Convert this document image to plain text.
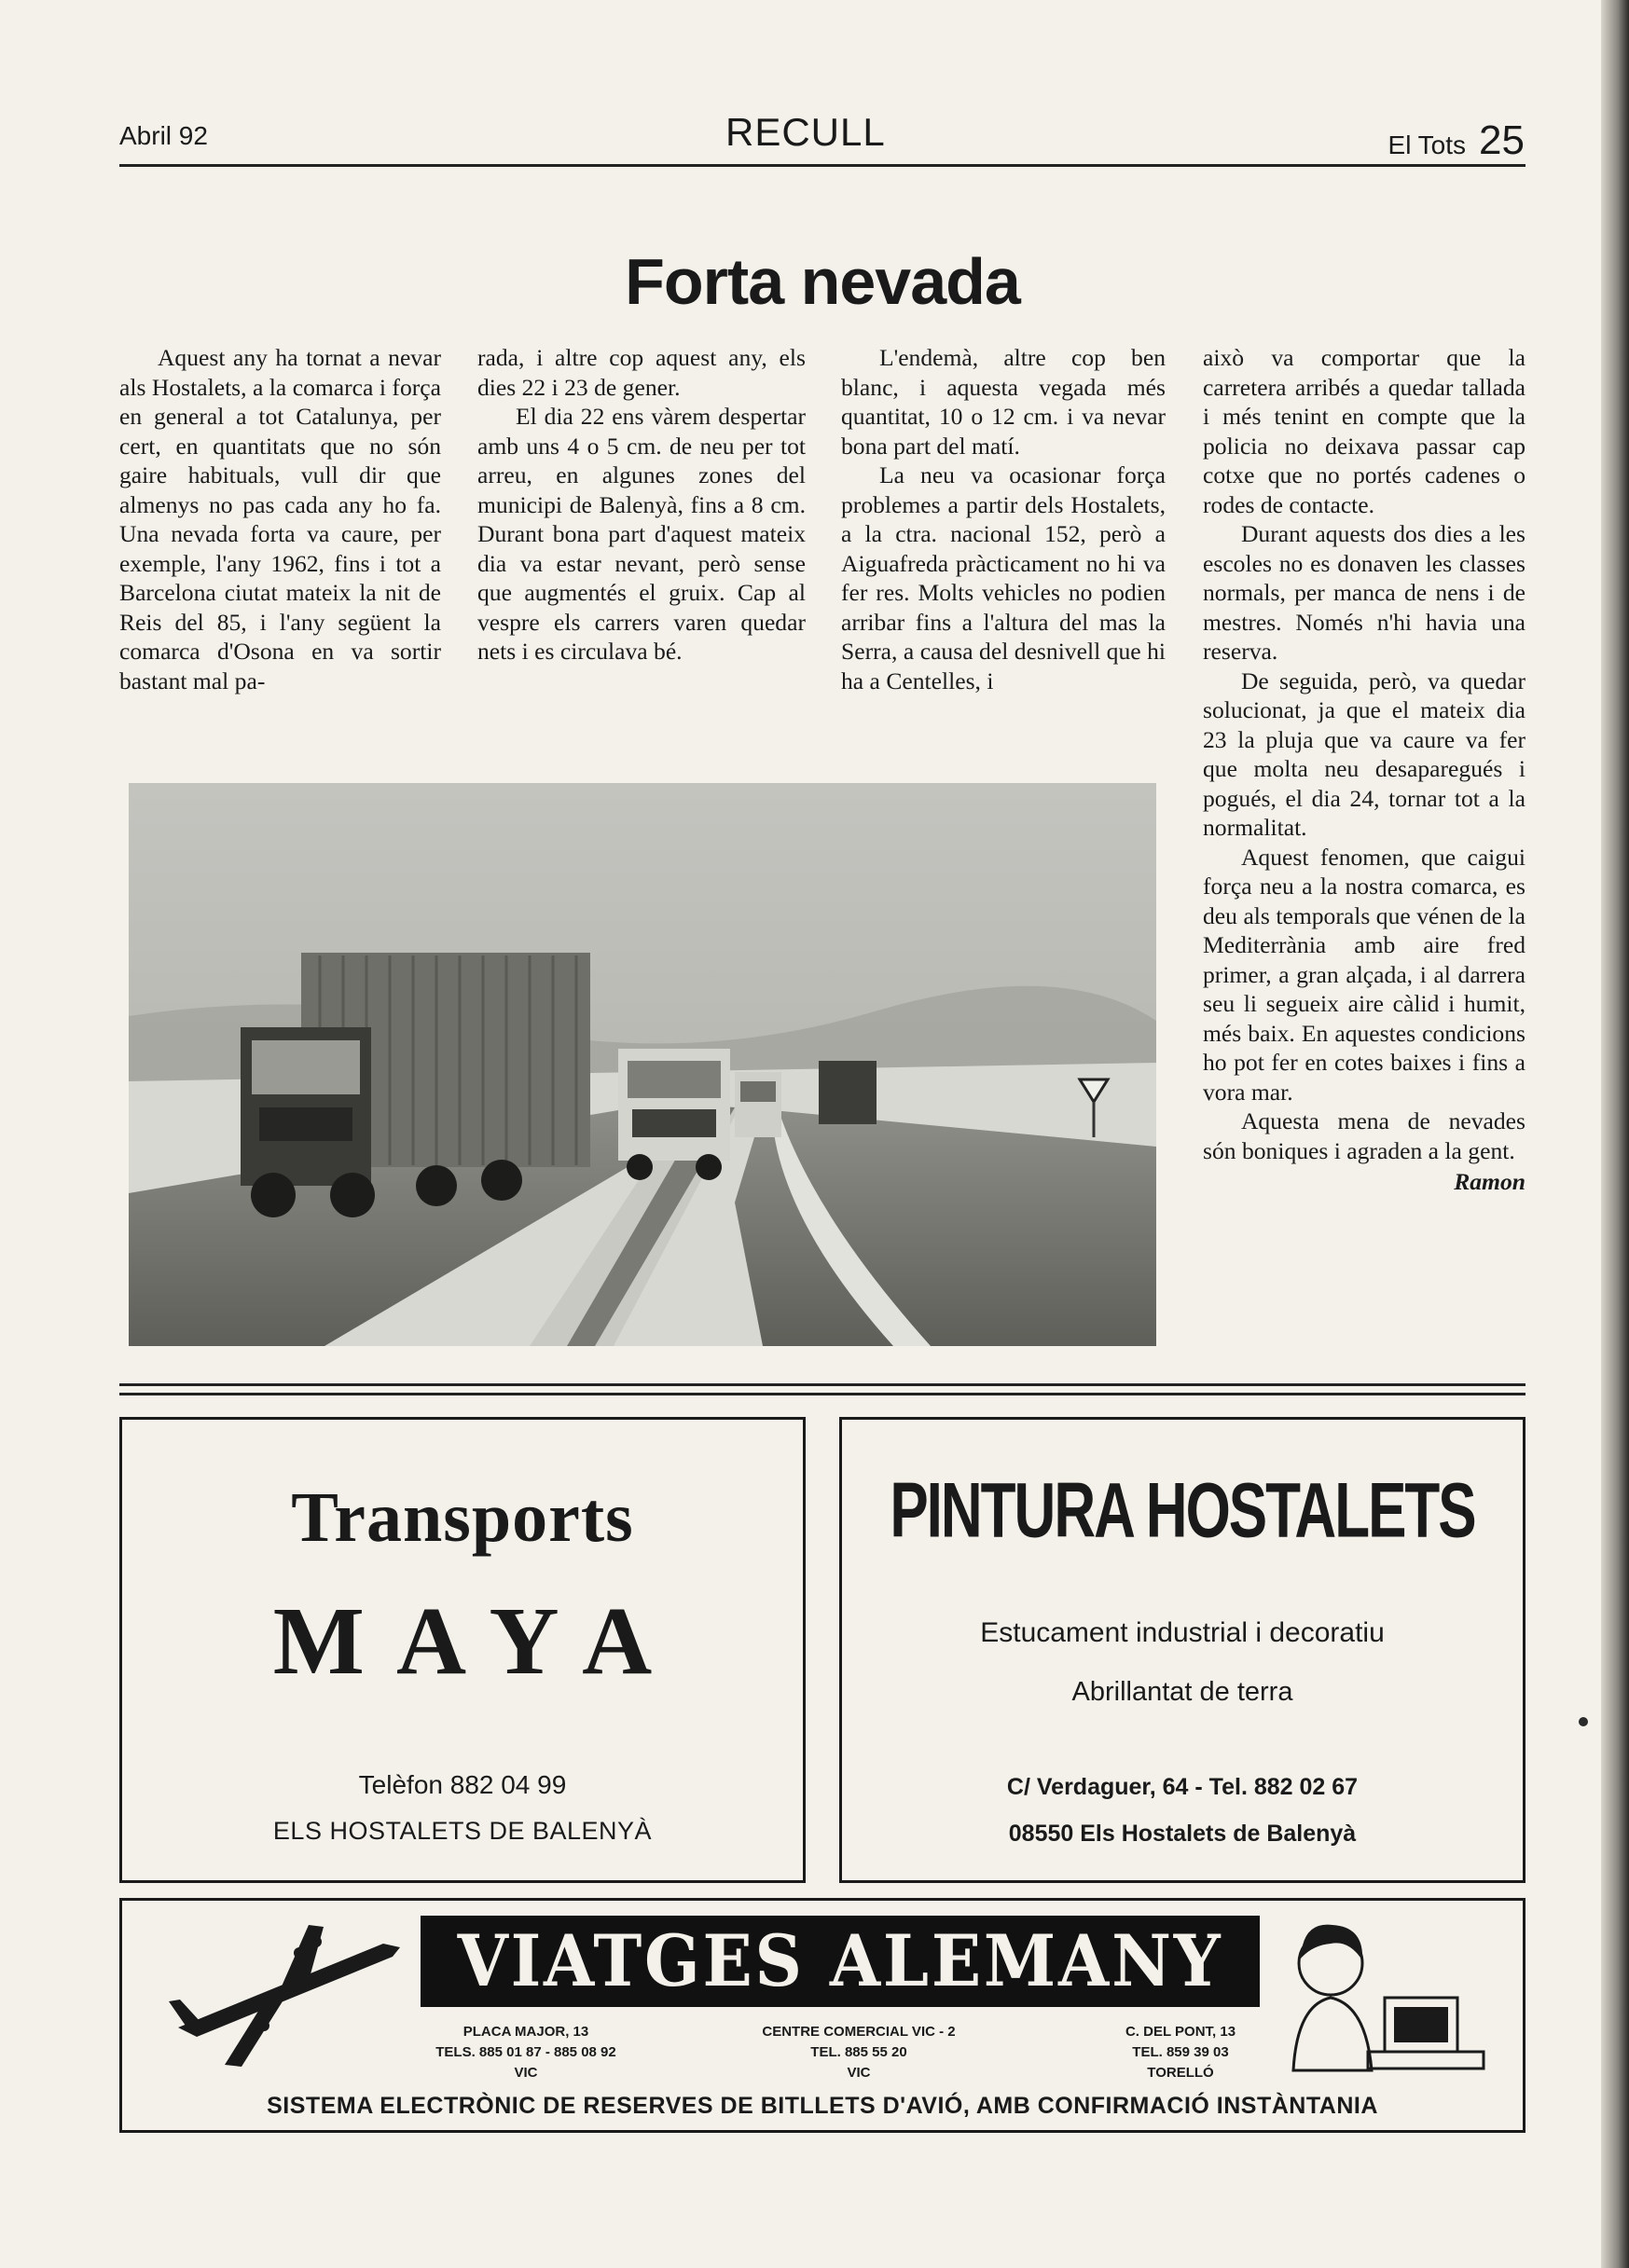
Abril 92	RECULL	El Tots 25
Forta nevada

Aquest any ha tornat a nevar als Hostalets, a la comarca i força en general a tot Catalunya, per cert, en quantitats que no són gaire habituals, vull dir que almenys no pas cada any ho fa. Una nevada forta va caure, per exemple, l'any 1962, fins i tot a Barcelona ciutat mateix la nit de Reis del 85, i l'any següent la comarca d'Osona en va sortir bastant mal pa-

rada, i altre cop aquest any, els dies 22 i 23 de gener.

El dia 22 ens vàrem despertar amb uns 4 o 5 cm. de neu per tot arreu, en algunes zones del municipi de Balenyà, fins a 8 cm. Durant bona part d'aquest mateix dia va estar nevant, però sense que augmentés el gruix. Cap al vespre els carrers varen quedar nets i es circulava bé.

L'endemà, altre cop ben blanc, i aquesta vegada més quantitat, 10 o 12 cm. i va nevar bona part del matí.

La neu va ocasionar força problemes a partir dels Hostalets, a la ctra. nacional 152, però a Aiguafreda pràcticament no hi va fer res. Molts vehicles no podien arribar fins a l'altura del mas la Serra, a causa del desnivell que hi ha a Centelles, i

això va comportar que la carretera arribés a quedar tallada i més tenint en compte que la policia no deixava passar cap cotxe que no portés cadenes o rodes de contacte.

Durant aquests dos dies a les escoles no es donaven les classes normals, per manca de nens i de mestres. Només n'hi havia una reserva.

De seguida, però, va quedar solucionat, ja que el mateix dia 23 la pluja que va caure va fer que molta neu desaparegués i pogués, el dia 24, tornar tot a la normalitat.

Aquest fenomen, que caigui força neu a la nostra comarca, es deu als temporals que vénen de la Mediterrània amb aire fred primer, a gran alçada, i al darrera seu li segueix aire càlid i humit, més baix. En aquestes condicions ho pot fer en cotes baixes i fins a vora mar.

Aquesta mena de nevades són boniques i agraden a la gent.

Ramon
Transports
MAYA
Telèfon 882 04 99
ELS HOSTALETS DE BALENYÀ
PINTURA HOSTALETS
Estucament industrial i decoratiu
Abrillantat de terra
C/ Verdaguer, 64 - Tel. 882 02 67
08550 Els Hostalets de Balenyà
VIATGES ALEMANY
PLACA MAJOR, 13
TELS. 885 01 87 - 885 08 92
VIC
CENTRE COMERCIAL VIC - 2
TEL. 885 55 20
VIC
C. DEL PONT, 13
TEL. 859 39 03
TORELLÓ
SISTEMA ELECTRÒNIC DE RESERVES DE BITLLETS D'AVIÓ, AMB CONFIRMACIÓ INSTÀNTANIA
